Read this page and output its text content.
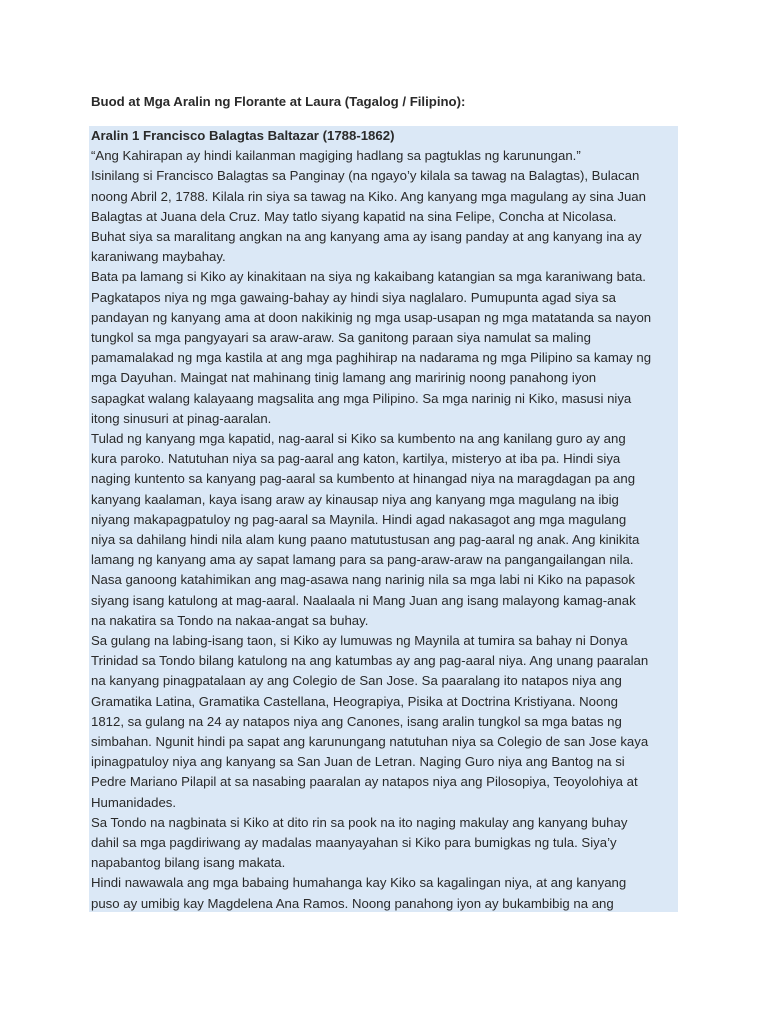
Buod at Mga Aralin ng Florante at Laura (Tagalog / Filipino):
Aralin 1 Francisco Balagtas Baltazar (1788-1862)
“Ang Kahirapan ay hindi kailanman magiging hadlang sa pagtuklas ng karunungan.”
Isinilang si Francisco Balagtas sa Panginay (na ngayo’y kilala sa tawag na Balagtas), Bulacan
noong Abril 2, 1788. Kilala rin siya sa tawag na Kiko. Ang kanyang mga magulang ay sina Juan
Balagtas at Juana dela Cruz. May tatlo siyang kapatid na sina Felipe, Concha at Nicolasa.
Buhat siya sa maralitang angkan na ang kanyang ama ay isang panday at ang kanyang ina ay
karaniwang maybahay.
Bata pa lamang si Kiko ay kinakitaan na siya ng kakaibang katangian sa mga karaniwang bata.
Pagkatapos niya ng mga gawaing-bahay ay hindi siya naglalaro. Pumupunta agad siya sa
pandayan ng kanyang ama at doon nakikinig ng mga usap-usapan ng mga matatanda sa nayon
tungkol sa mga pangyayari sa araw-araw. Sa ganitong paraan siya namulat sa maling
pamamalakad ng mga kastila at ang mga paghihirap na nadarama ng mga Pilipino sa kamay ng
mga Dayuhan. Maingat nat mahinang tinig lamang ang maririnig noong panahong iyon
sapagkat walang kalayaang magsalita ang mga Pilipino. Sa mga narinig ni Kiko, masusi niya
itong sinusuri at pinag-aaralan.
Tulad ng kanyang mga kapatid, nag-aaral si Kiko sa kumbento na ang kanilang guro ay ang
kura paroko. Natutuhan niya sa pag-aaral ang katon, kartilya, misteryo at iba pa. Hindi siya
naging kuntento sa kanyang pag-aaral sa kumbento at hinangad niya na maragdagan pa ang
kanyang kaalaman, kaya isang araw ay kinausap niya ang kanyang mga magulang na ibig
niyang makapagpatuloy ng pag-aaral sa Maynila. Hindi agad nakasagot ang mga magulang
niya sa dahilang hindi nila alam kung paano matutustusan ang pag-aaral ng anak. Ang kinikita
lamang ng kanyang ama ay sapat lamang para sa pang-araw-araw na pangangailangan nila.
Nasa ganoong katahimikan ang mag-asawa nang narinig nila sa mga labi ni Kiko na papasok
siyang isang katulong at mag-aaral. Naalaala ni Mang Juan ang isang malayong kamag-anak
na nakatira sa Tondo na nakaa-angat sa buhay.
Sa gulang na labing-isang taon, si Kiko ay lumuwas ng Maynila at tumira sa bahay ni Donya
Trinidad sa Tondo bilang katulong na ang katumbas ay ang pag-aaral niya. Ang unang paaralan
na kanyang pinagpatalaan ay ang Colegio de San Jose. Sa paaralang ito natapos niya ang
Gramatika Latina, Gramatika Castellana, Heograpiya, Pisika at Doctrina Kristiyana. Noong
1812, sa gulang na 24 ay natapos niya ang Canones, isang aralin tungkol sa mga batas ng
simbahan. Ngunit hindi pa sapat ang karunungang natutuhan niya sa Colegio de san Jose kaya
ipinagpatuloy niya ang kanyang sa San Juan de Letran. Naging Guro niya ang Bantog na si
Pedre Mariano Pilapil at sa nasabing paaralan ay natapos niya ang Pilosopiya, Teoyolohiya at
Humanidades.
Sa Tondo na nagbinata si Kiko at dito rin sa pook na ito naging makulay ang kanyang buhay
dahil sa mga pagdiriwang ay madalas maanyayahan si Kiko para bumigkas ng tula. Siya’y
napabantog bilang isang makata.
Hindi nawawala ang mga babaing humahanga kay Kiko sa kagalingan niya, at ang kanyang
puso ay umibig kay Magdelena Ana Ramos. Noong panahong iyon ay bukambibig na ang
